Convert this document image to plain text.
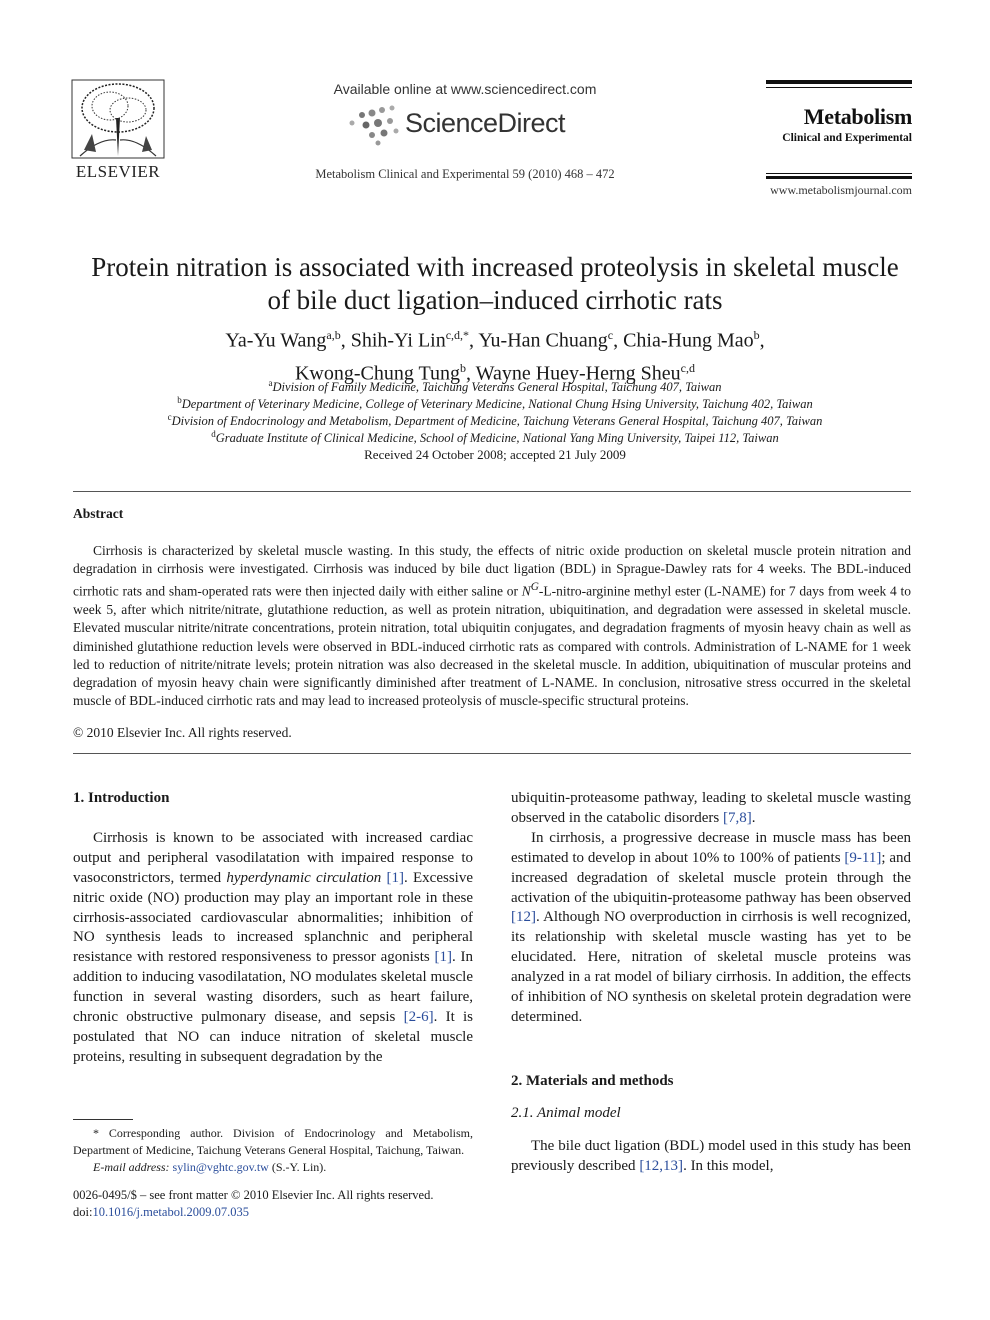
ELSEVIER
Available online at www.sciencedirect.com
ScienceDirect
Metabolism Clinical and Experimental 59 (2010) 468 – 472
Metabolism
Clinical and Experimental
www.metabolismjournal.com
Protein nitration is associated with increased proteolysis in skeletal muscle
of bile duct ligation–induced cirrhotic rats
Ya-Yu Wang$^{a,b}$, Shih-Yi Lin$^{c,d,*}$, Yu-Han Chuang$^c$, Chia-Hung Mao$^b$,
Kwong-Chung Tung$^b$, Wayne Huey-Herng Sheu$^{c,d}$
$^a$Division of Family Medicine, Taichung Veterans General Hospital, Taichung 407, Taiwan
$^b$Department of Veterinary Medicine, College of Veterinary Medicine, National Chung Hsing University, Taichung 402, Taiwan
$^c$Division of Endocrinology and Metabolism, Department of Medicine, Taichung Veterans General Hospital, Taichung 407, Taiwan
$^d$Graduate Institute of Clinical Medicine, School of Medicine, National Yang Ming University, Taipei 112, Taiwan
Received 24 October 2008; accepted 21 July 2009
Abstract

Cirrhosis is characterized by skeletal muscle wasting. In this study, the effects of nitric oxide production on skeletal muscle protein nitration and degradation in cirrhosis were investigated. Cirrhosis was induced by bile duct ligation (BDL) in Sprague-Dawley rats for 4 weeks. The BDL-induced cirrhotic rats and sham-operated rats were then injected daily with either saline or $N^G-L-nitro$-arginine methyl ester (L-NAME) for 7 days from week 4 to week 5, after which nitrite/nitrate, glutathione reduction, as well as protein nitration, ubiquitination, and degradation were assessed in skeletal muscle. Elevated muscular nitrite/nitrate concentrations, protein nitration, total ubiquitin conjugates, and degradation fragments of myosin heavy chain as well as diminished glutathione reduction levels were observed in BDL-induced cirrhotic rats as compared with controls. Administration of L-NAME for 1 week led to reduction of nitrite/nitrate levels; protein nitration was also decreased in the skeletal muscle. In addition, ubiquitination of muscular proteins and degradation of myosin heavy chain were significantly diminished after treatment of L-NAME. In conclusion, nitrosative stress occurred in the skeletal muscle of BDL-induced cirrhotic rats and may lead to increased proteolysis of muscle-specific structural proteins.

© 2010 Elsevier Inc. All rights reserved.

1. Introduction

Cirrhosis is known to be associated with increased cardiac output and peripheral vasodilatation with impaired response to vasoconstrictors, termed hyperdynamic circulation [1]. Excessive nitric oxide (NO) production may play an important role in these cirrhosis-associated cardiovascular abnormalities; inhibition of NO synthesis leads to increased splanchnic and peripheral resistance with restored responsiveness to pressor agonists [1]. In addition to inducing vasodilatation, NO modulates skeletal muscle function in several wasting disorders, such as heart failure, chronic obstructive pulmonary disease, and sepsis [2-6]. It is postulated that NO can induce nitration of skeletal muscle proteins, resulting in subsequent degradation by the

* Corresponding author. Division of Endocrinology and Metabolism, Department of Medicine, Taichung Veterans General Hospital, Taichung, Taiwan.

E-mail address: sylin@vghtc.gov.tw (S.-Y. Lin).

0026-0495/$ – see front matter © 2010 Elsevier Inc. All rights reserved.

doi:10.1016/j.metabol.2009.07.035

ubiquitin-proteasome pathway, leading to skeletal muscle wasting observed in the catabolic disorders [7,8].

In cirrhosis, a progressive decrease in muscle mass has been estimated to develop in about 10% to 100% of patients [9-11]; and increased degradation of skeletal muscle protein through the activation of the ubiquitin-proteasome pathway has been observed [12]. Although NO overproduction in cirrhosis is well recognized, its relationship with skeletal muscle wasting has yet to be elucidated. Here, nitration of skeletal muscle proteins was analyzed in a rat model of biliary cirrhosis. In addition, the effects of inhibition of NO synthesis on skeletal protein degradation were determined.

2. Materials and methods

2.1. Animal model

The bile duct ligation (BDL) model used in this study has been previously described [12,13]. In this model,
